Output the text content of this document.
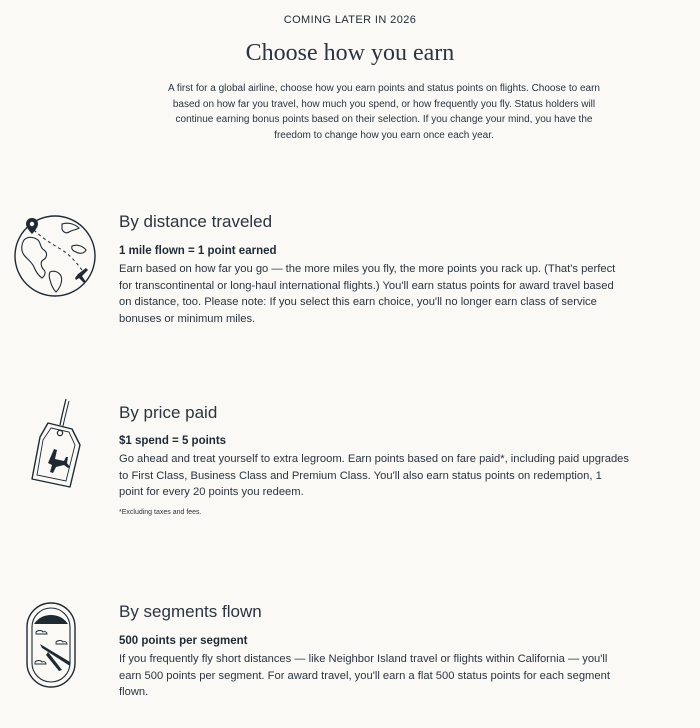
COMING LATER IN 2026
Choose how you earn

A first for a global airline, choose how you earn points and status points on flights. Choose to earn based on how far you travel, how much you spend, or how frequently you fly. Status holders will continue earning bonus points based on their selection. If you change your mind, you have the freedom to change how you earn once each year.

By distance traveled
1 mile flown = 1 point earned

Earn based on how far you go — the more miles you fly, the more points you rack up. (That's perfect for transcontinental or long-haul international flights.) You'll earn status points for award travel based on distance, too. Please note: If you select this earn choice, you'll no longer earn class of service bonuses or minimum miles.

By price paid
$1 spend = 5 points

Go ahead and treat yourself to extra legroom. Earn points based on fare paid*, including paid upgrades to First Class, Business Class and Premium Class. You'll also earn status points on redemption, 1 point for every 20 points you redeem.

*Excluding taxes and fees.
By segments flown
500 points per segment

If you frequently fly short distances — like Neighbor Island travel or flights within California — you'll earn 500 points per segment. For award travel, you'll earn a flat 500 status points for each segment flown.
